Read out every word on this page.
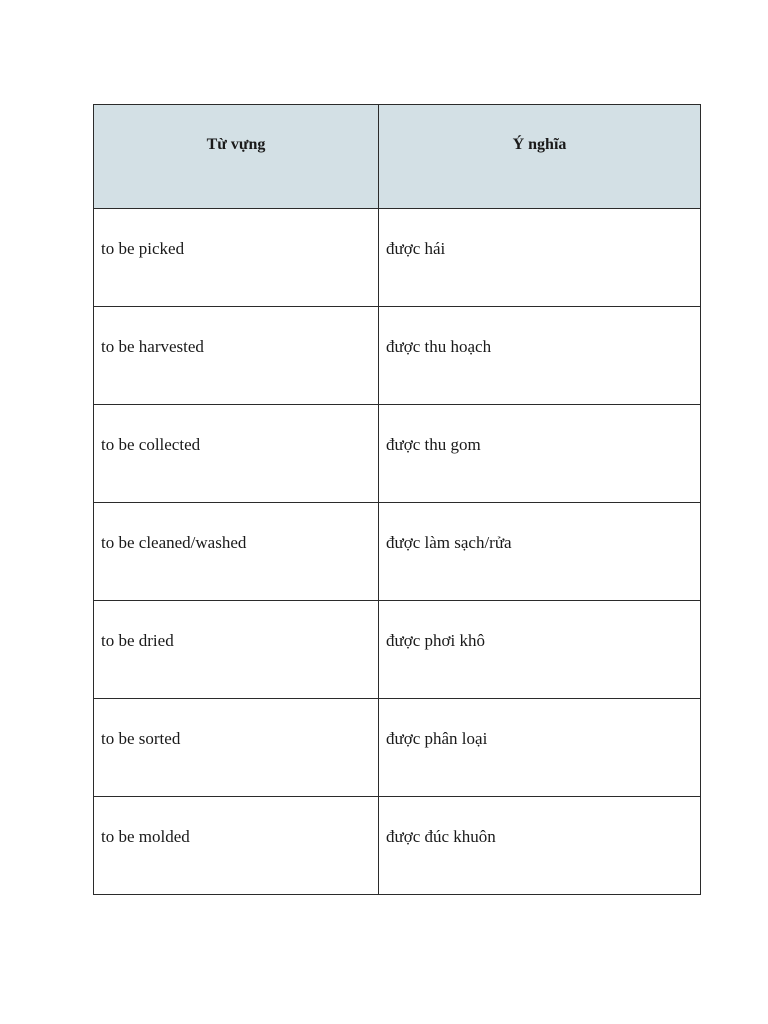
Từ vựng	Ý nghĩa
to be picked	được hái
to be harvested	được thu hoạch
to be collected	được thu gom
to be cleaned/washed	được làm sạch/rửa
to be dried	được phơi khô
to be sorted	được phân loại
to be molded	được đúc khuôn
